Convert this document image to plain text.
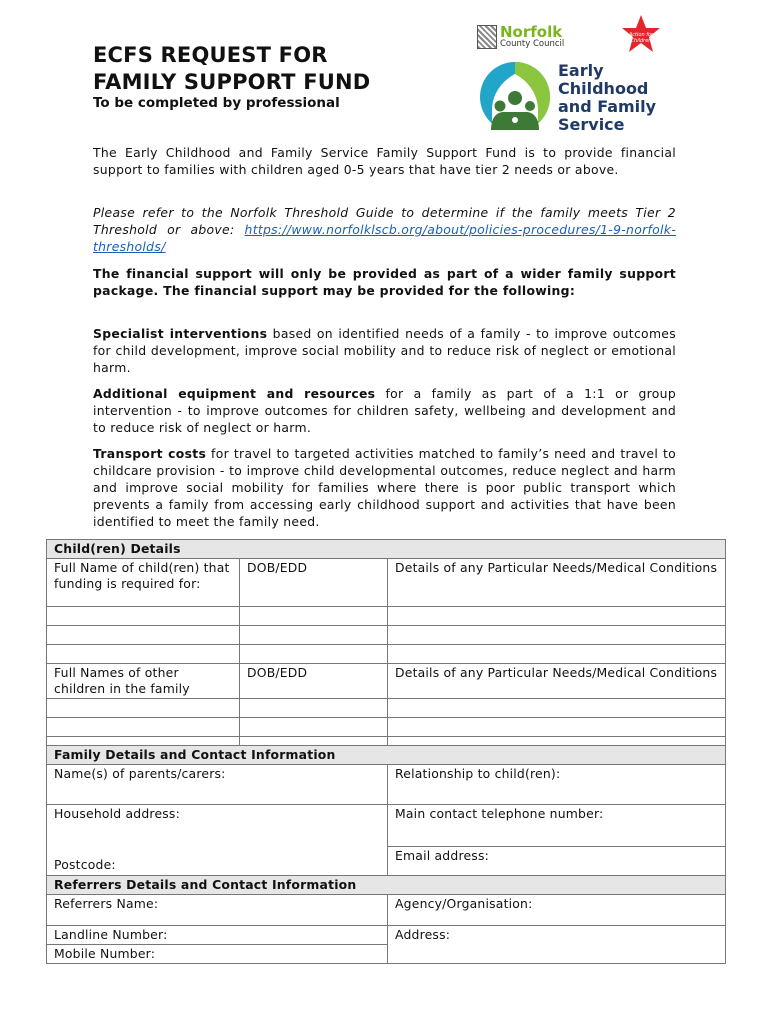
ECFS REQUEST FOR
FAMILY SUPPORT FUND
To be completed by professional
Norfolk
County Council
Action for
Children
Early
Childhood
and Family
Service

The Early Childhood and Family Service Family Support Fund is to provide financial support to families with children aged 0-5 years that have tier 2 needs or above.

Please refer to the Norfolk Threshold Guide to determine if the family meets Tier 2 Threshold or above: https://www.norfolklscb.org/about/policies-procedures/1-9-norfolk-thresholds/

The financial support will only be provided as part of a wider family support package. The financial support may be provided for the following:

Specialist interventions based on identified needs of a family - to improve outcomes for child development, improve social mobility and to reduce risk of neglect or emotional harm.

Additional equipment and resources for a family as part of a 1:1 or group intervention - to improve outcomes for children safety, wellbeing and development and to reduce risk of neglect or harm.

Transport costs for travel to targeted activities matched to family’s need and travel to childcare provision - to improve child developmental outcomes, reduce neglect and harm and improve social mobility for families where there is poor public transport which prevents a family from accessing early childhood support and activities that have been identified to meet the family need.

Child(ren) Details		
Full Name of child(ren) that funding is required for:	DOB/EDD	Details of any Particular Needs/Medical Conditions

Full Names of other children in the family	DOB/EDD	Details of any Particular Needs/Medical Conditions

Family Details and Contact Information	
Name(s) of parents/carers:	Relationship to child(ren):

Household address:
Postcode:	Main contact telephone number:
	Email address:
Referrers Details and Contact Information	
Referrers Name:	Agency/Organisation:
Landline Number:	Address:
Mobile Number:	
